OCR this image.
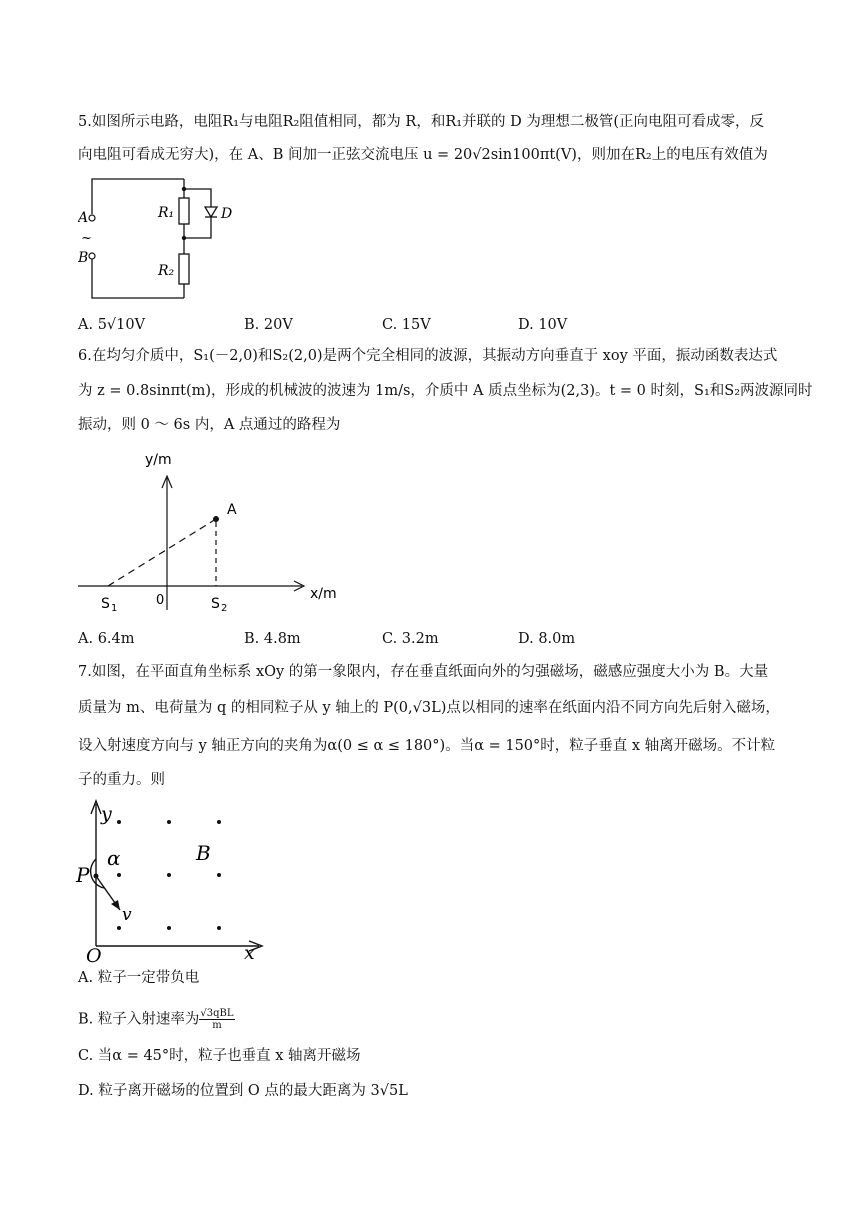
5.如图所示电路，电阻R₁与电阻R₂阻值相同，都为 R，和R₁并联的 D 为理想二极管(正向电阻可看成零，反
向电阻可看成无穷大)，在 A、B 间加一正弦交流电压 u = 20√2sin100πt(V)，则加在R₂上的电压有效值为
A
~
B
R₁
R₂
D
A. 5√10V	B. 20V	C. 15V	D. 10V
6.在均匀介质中，S₁(－2,0)和S₂(2,0)是两个完全相同的波源，其振动方向垂直于 xoy 平面，振动函数表达式
为 z = 0.8sinπt(m)，形成的机械波的波速为 1m/s，介质中 A 质点坐标为(2,3)。t = 0 时刻，S₁和S₂两波源同时
振动，则 0 ～ 6s 内，A 点通过的路程为
y/m
x/m
A
S 1	S 2
0
A. 6.4m	B. 4.8m	C. 3.2m	D. 8.0m
7.如图，在平面直角坐标系 xOy 的第一象限内，存在垂直纸面向外的匀强磁场，磁感应强度大小为 B。大量
质量为 m、电荷量为 q 的相同粒子从 y 轴上的 P(0,√3L)点以相同的速率在纸面内沿不同方向先后射入磁场，
设入射速度方向与 y 轴正方向的夹角为α(0 ≤ α ≤ 180°)。当α = 150°时，粒子垂直 x 轴离开磁场。不计粒
子的重力。则
y
x
O
P
α
v
B
A. 粒子一定带负电
B. 粒子入射速率为 $\frac{\text{√3qBL}}{m}$
C. 当α = 45°时，粒子也垂直 x 轴离开磁场
D. 粒子离开磁场的位置到 O 点的最大距离为 3√5L
